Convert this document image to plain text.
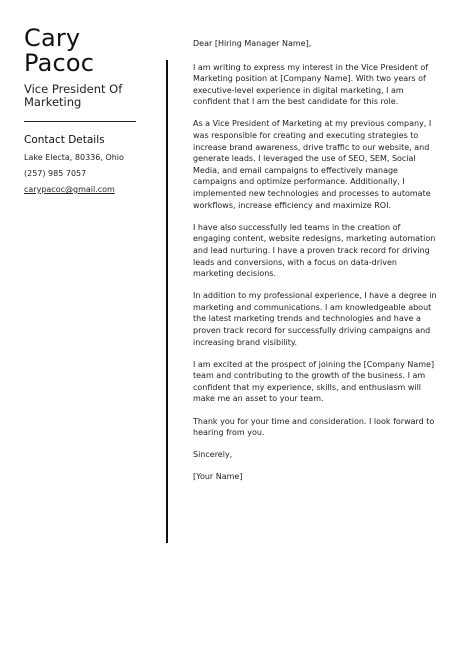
Cary
Pacoc
Vice President Of Marketing
Contact Details
Lake Electa, 80336, Ohio
(257) 985 7057
carypacoc@gmail.com

Dear [Hiring Manager Name],

I am writing to express my interest in the Vice President of Marketing position at [Company Name]. With two years of executive-level experience in digital marketing, I am confident that I am the best candidate for this role.

As a Vice President of Marketing at my previous company, I was responsible for creating and executing strategies to increase brand awareness, drive traffic to our website, and generate leads. I leveraged the use of SEO, SEM, Social Media, and email campaigns to effectively manage campaigns and optimize performance. Additionally, I implemented new technologies and processes to automate workflows, increase efficiency and maximize ROI.

I have also successfully led teams in the creation of engaging content, website redesigns, marketing automation and lead nurturing. I have a proven track record for driving leads and conversions, with a focus on data-driven marketing decisions.

In addition to my professional experience, I have a degree in marketing and communications. I am knowledgeable about the latest marketing trends and technologies and have a proven track record for successfully driving campaigns and increasing brand visibility.

I am excited at the prospect of joining the [Company Name] team and contributing to the growth of the business. I am confident that my experience, skills, and enthusiasm will make me an asset to your team.

Thank you for your time and consideration. I look forward to hearing from you.

Sincerely,

[Your Name]
